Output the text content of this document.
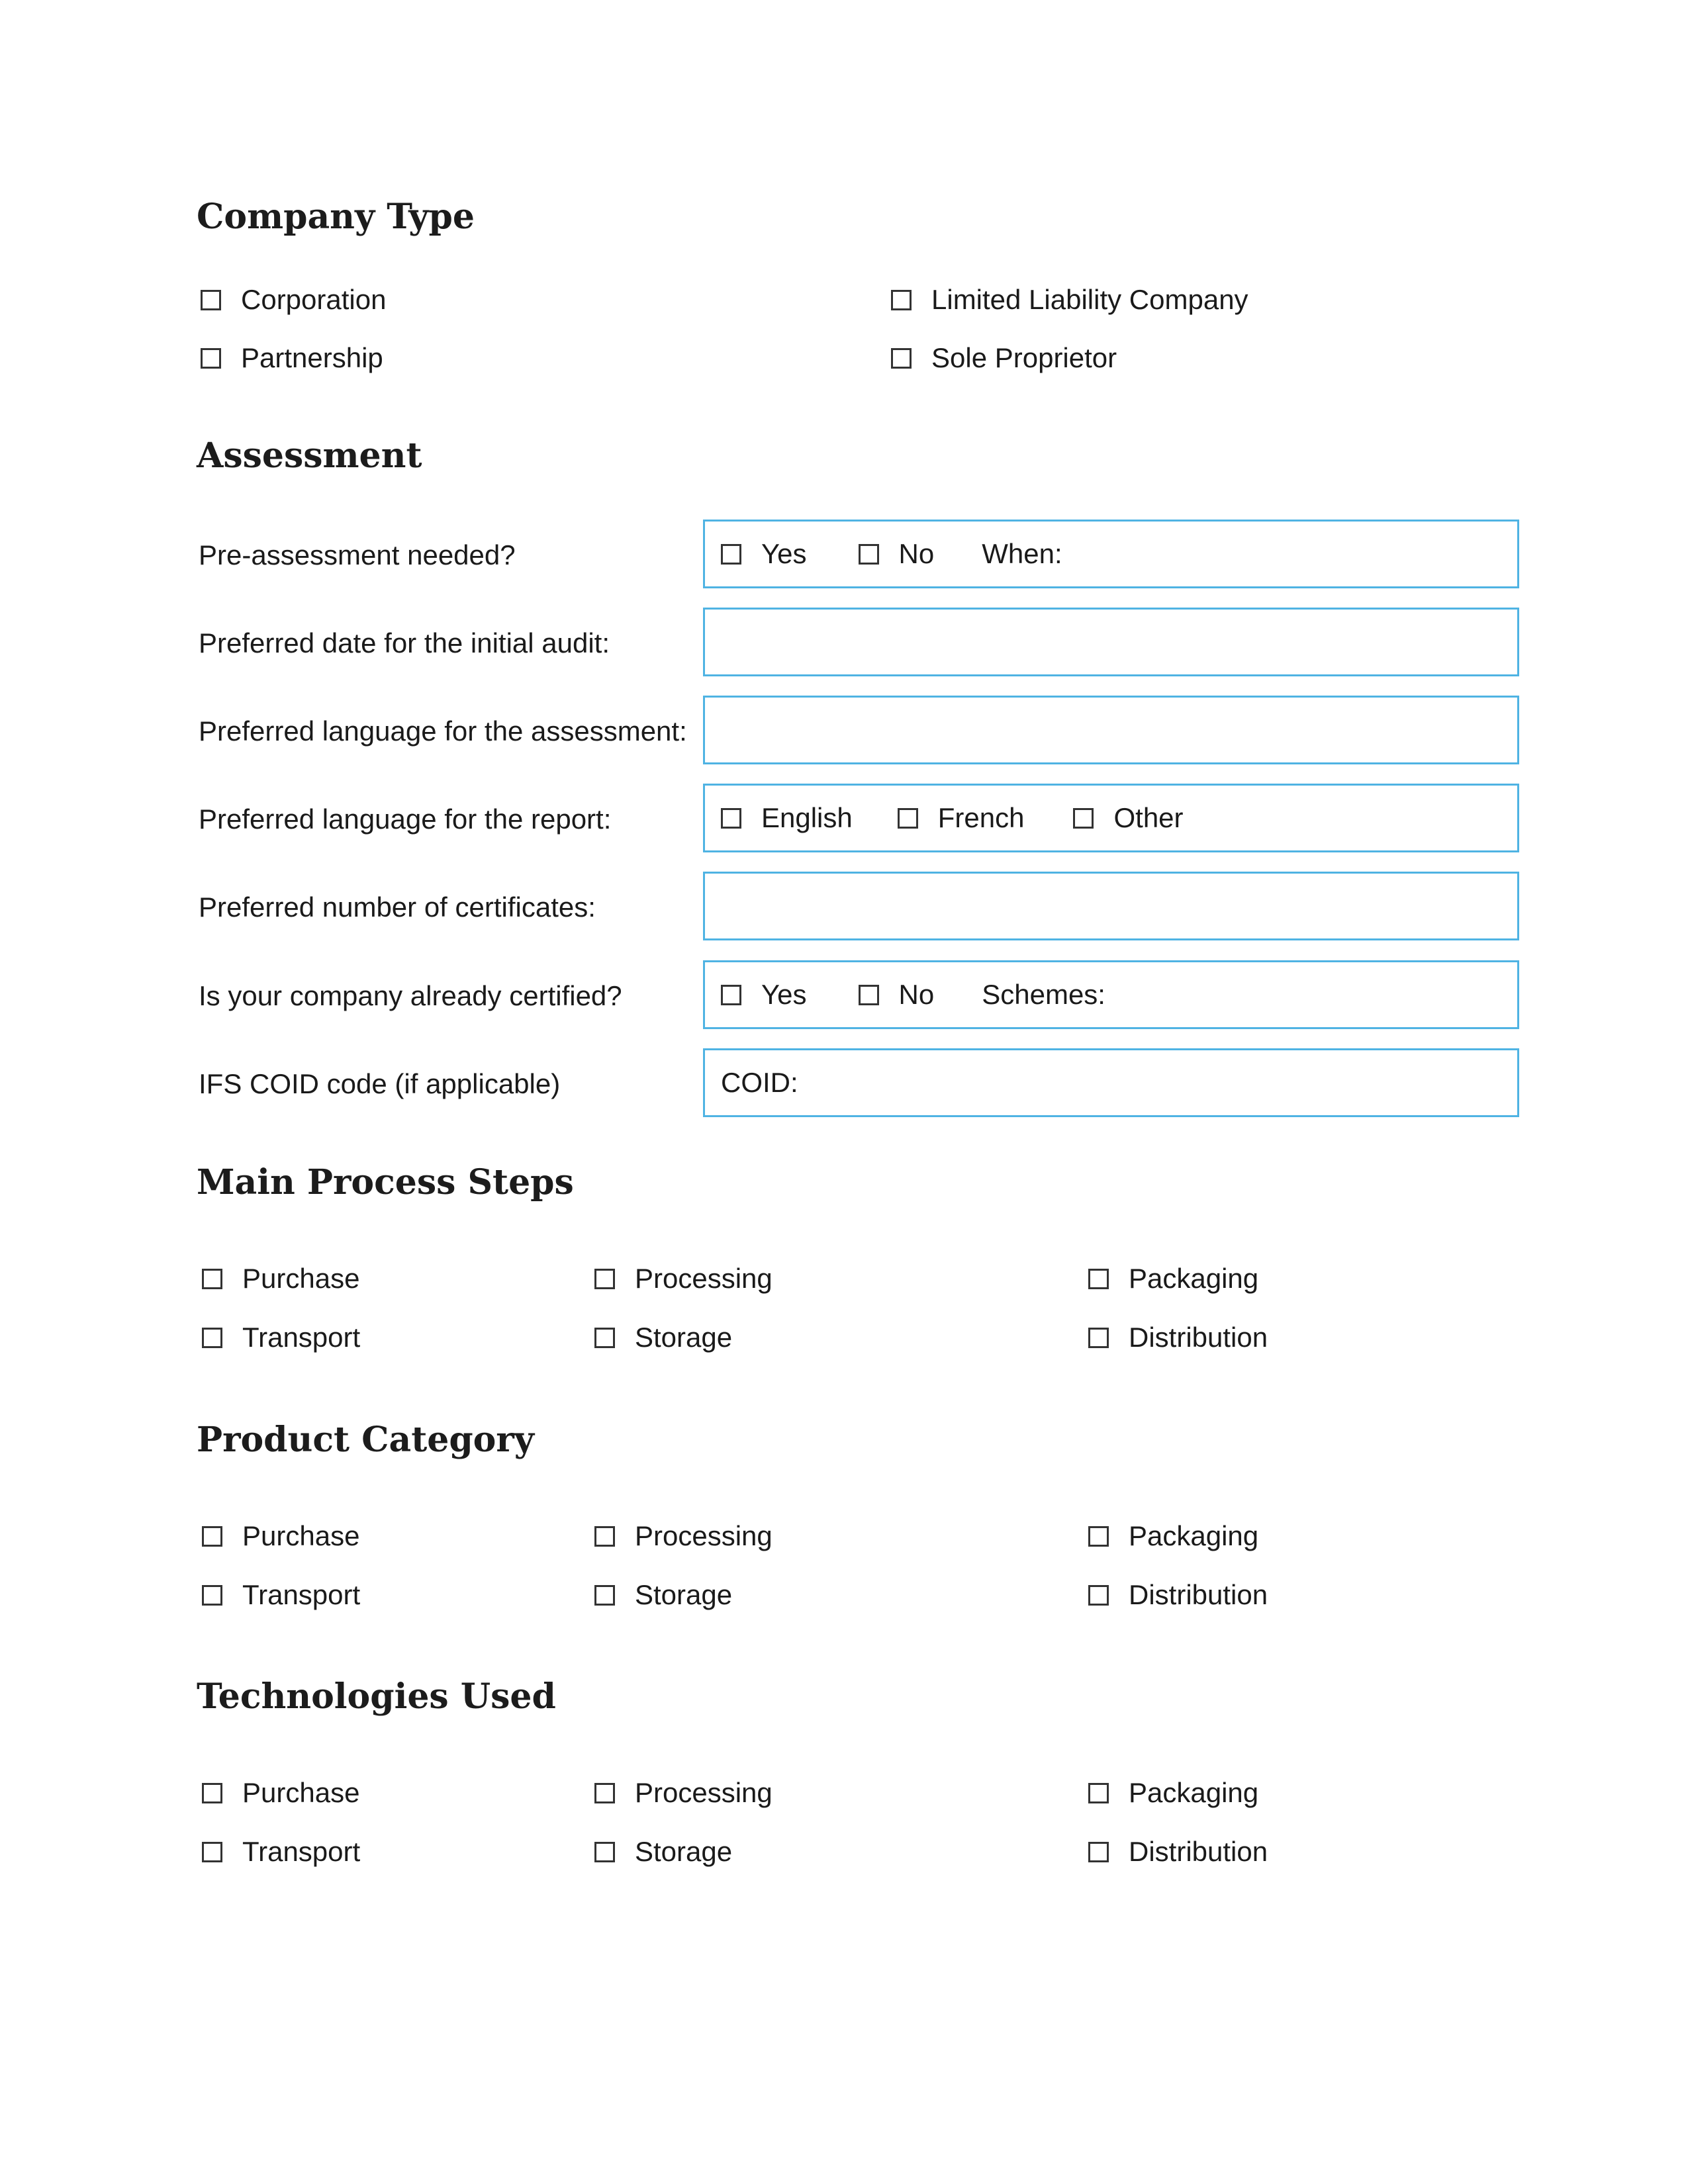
Company Type
Corporation	Limited Liability Company
Partnership	Sole Proprietor
Assessment
Pre-assessment needed?	Yes	No When:
Preferred date for the initial audit:
Preferred language for the assessment:
Preferred language for the report:	English	French	Other
Preferred number of certificates:
Is your company already certified?	Yes	No Schemes:
IFS COID code (if applicable)	COID:
Main Process Steps
Purchase	Processing	Packaging
Transport	Storage	Distribution
Product Category
Purchase	Processing	Packaging
Transport	Storage	Distribution
Technologies Used
Purchase	Processing	Packaging
Transport	Storage	Distribution
